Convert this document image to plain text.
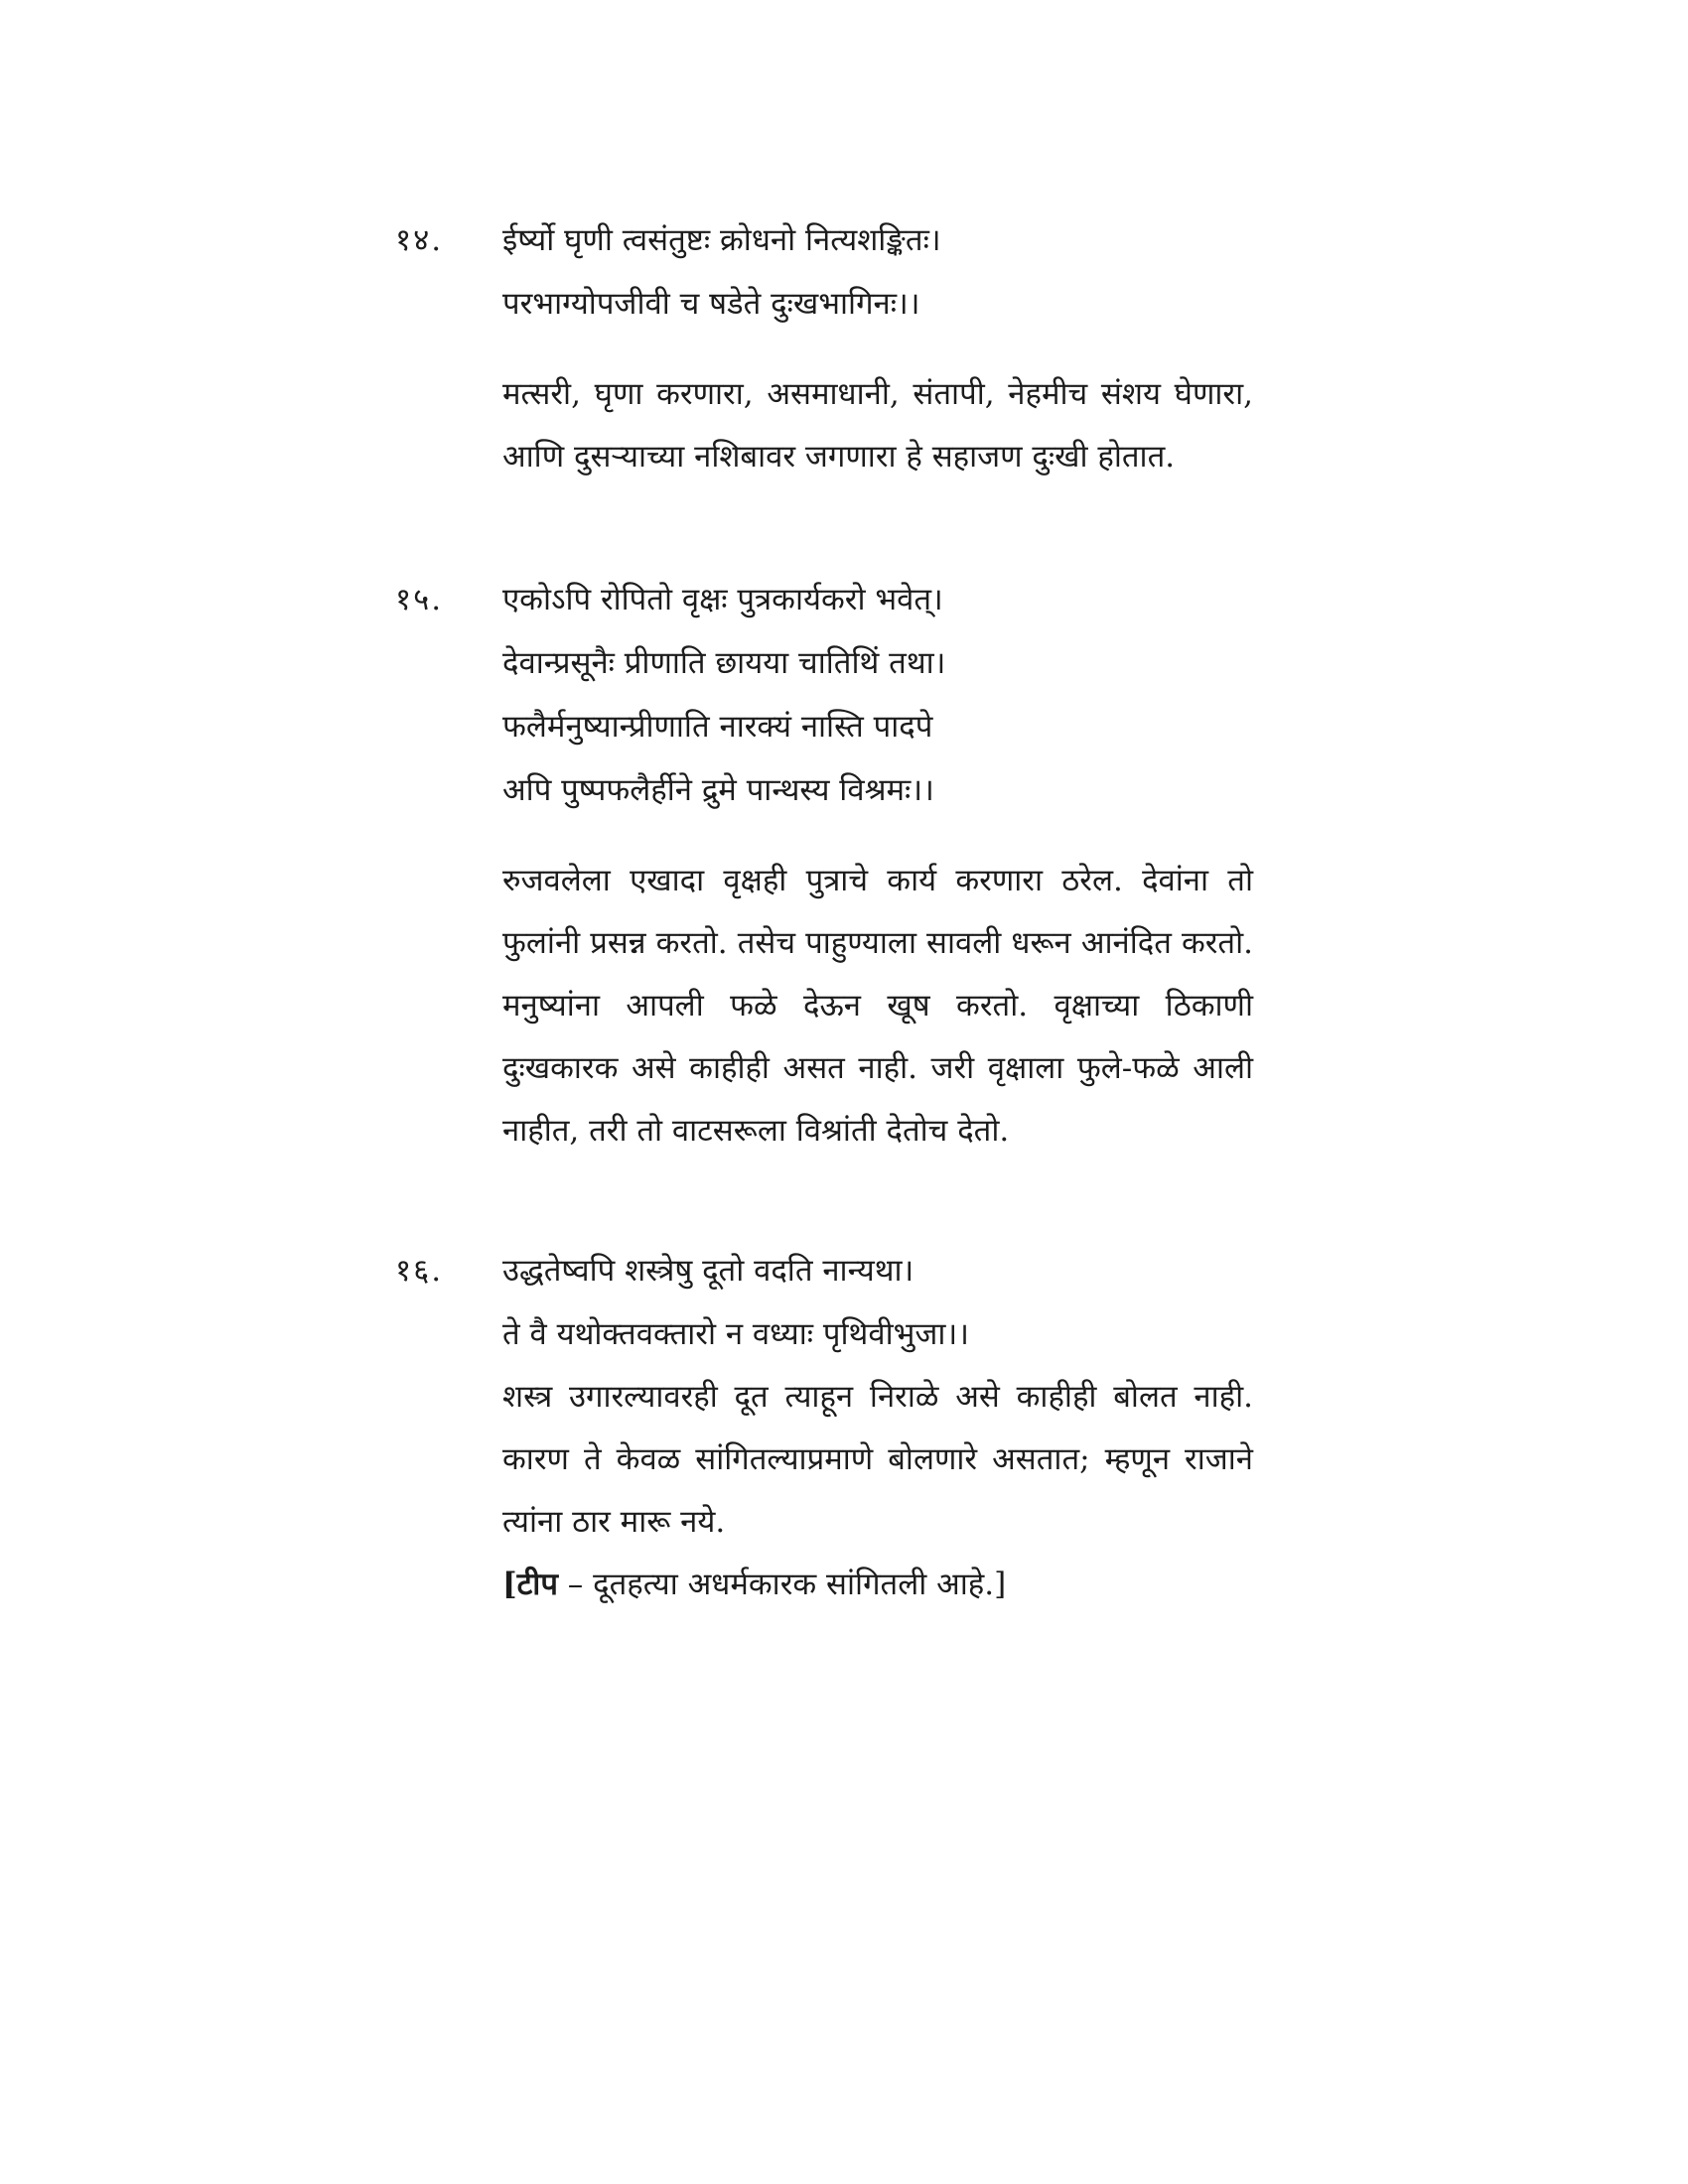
१४. ईर्ष्यो घृणी त्वसंतुष्टः क्रोधनो नित्यशङ्कितः।
परभाग्योपजीवी च षडेते दुःखभागिनः।।
मत्सरी, घृणा करणारा, असमाधानी, संतापी, नेहमीच संशय घेणारा, आणि दुसऱ्याच्या नशिबावर जगणारा हे सहाजण दुःखी होतात.
१५. एकोऽपि रोपितो वृक्षः पुत्रकार्यकरो भवेत्।
देवान्प्रसूनैः प्रीणाति छायया चातिथिं तथा।
फलैर्मनुष्यान्प्रीणाति नारक्यं नास्ति पादपे
अपि पुष्पफलैर्हीने द्रुमे पान्थस्य विश्रमः।।
रुजवलेला एखादा वृक्षही पुत्राचे कार्य करणारा ठरेल. देवांना तो फुलांनी प्रसन्न करतो. तसेच पाहुण्याला सावली धरून आनंदित करतो. मनुष्यांना आपली फळे देऊन खूष करतो. वृक्षाच्या ठिकाणी दुःखकारक असे काहीही असत नाही. जरी वृक्षाला फुले-फळे आली नाहीत, तरी तो वाटसरूला विश्रांती देतोच देतो.
१६. उद्धतेष्वपि शस्त्रेषु दूतो वदति नान्यथा।
ते वै यथोक्तवक्तारो न वध्याः पृथिवीभुजा।।
शस्त्र उगारल्यावरही दूत त्याहून निराळे असे काहीही बोलत नाही. कारण ते केवळ सांगितल्याप्रमाणे बोलणारे असतात; म्हणून राजाने त्यांना ठार मारू नये.
[टीप – दूतहत्या अधर्मकारक सांगितली आहे.]
